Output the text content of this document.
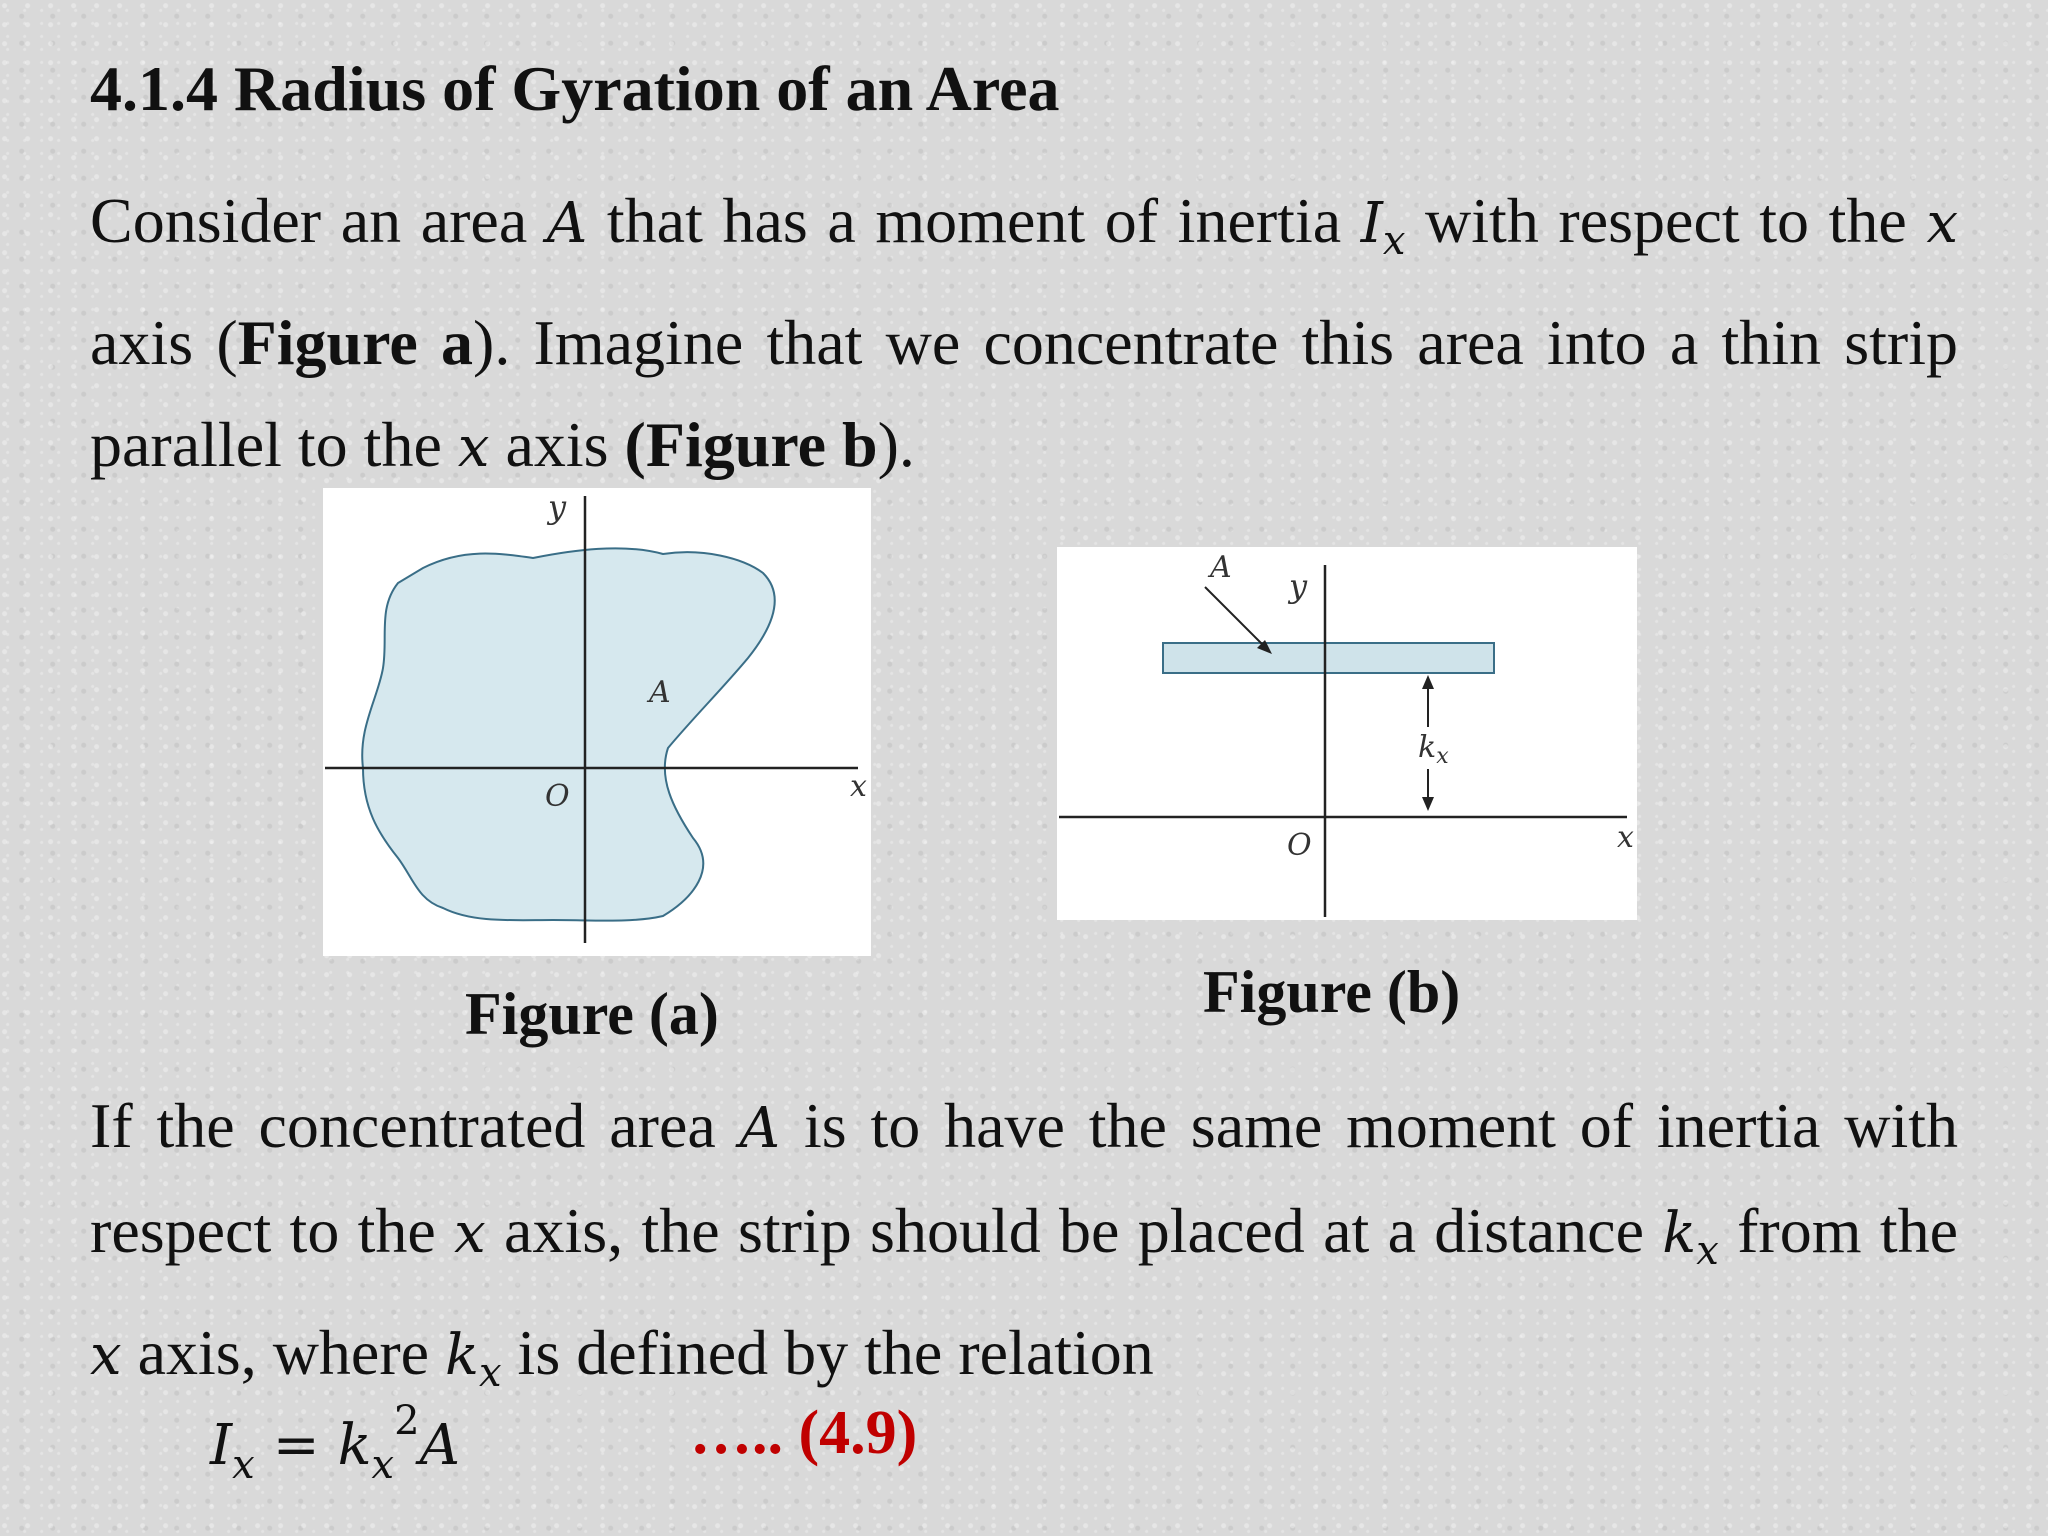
4.1.4 Radius of Gyration of an Area
Consider an area A that has a moment of inertia Ix with respect to the x axis (Figure a). Imagine that we concentrate this area into a thin strip parallel to the x axis (Figure b).
y
x
O
A
A y
$k_x$
O	x
Figure (a)	Figure (b)
If the concentrated area A is to have the same moment of inertia with respect to the x axis, the strip should be placed at a distance kx from the x axis, where kx is defined by the relation
$I_x = k_x^2A$	….. (4.9)
